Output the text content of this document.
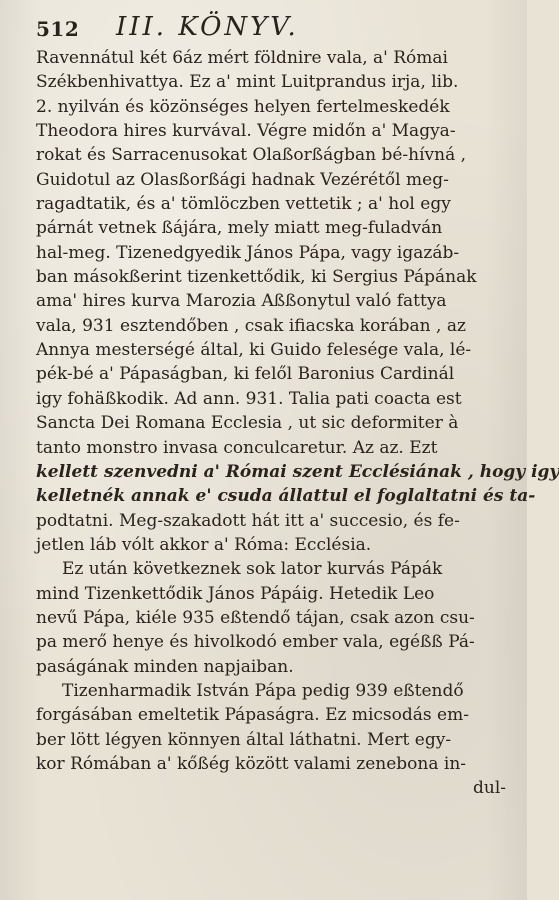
512 III. KÖNYV.
Ravennátul két 6áz mért földnire vala, a' Római
Székbenhivattya. Ez a' mint Luitprandus irja, lib.
2. nyilván és közönséges helyen fertelmeskedék
Theodora hires kurvával. Végre midőn a' Magya-
rokat és Sarracenusokat Olaßorßágban bé-hívná ,
Guidotul az Olasßorßági hadnak Vezérétől meg-
ragadtatik, és a' tömlöczben vettetik ; a' hol egy
párnát vetnek ßájára, mely miatt meg-fuladván
hal-meg. Tizenedgyedik János Pápa, vagy igazáb-
ban másokßerint tizenkettődik, ki Sergius Pápának
ama' hires kurva Marozia Aßßonytul való fattya
vala, 931 esztendőben , csak ifiacska korában , az
Annya mesterségé által, ki Guido felesége vala, lé-
pék-bé a' Pápaságban, ki felől Baronius Cardinál
igy fohäßkodik. Ad ann. 931. Talia pati coacta est
Sancta Dei Romana Ecclesia , ut sic deformiter à
tanto monstro invasa conculcaretur. Az az. Ezt
kellett szenvedni a' Római szent Ecclésiának , hogy igy
kelletnék annak e' csuda állattul el foglaltatni és ta-
podtatni. Meg-szakadott hát itt a' succesio, és fe-
jetlen láb vólt akkor a' Róma: Ecclésia.
Ez után következnek sok lator kurvás Pápák
mind Tizenkettődik János Pápáig. Hetedik Leo
nevű Pápa, kiéle 935 eßtendő tájan, csak azon csu-
pa merő henye és hivolkodó ember vala, egéßß Pá-
paságának minden napjaiban.
Tizenharmadik István Pápa pedig 939 eßtendő
forgásában emeltetik Pápaságra. Ez micsodás em-
ber lött légyen könnyen által láthatni. Mert egy-
kor Rómában a' kőßég között valami zenebona in-
dul-
